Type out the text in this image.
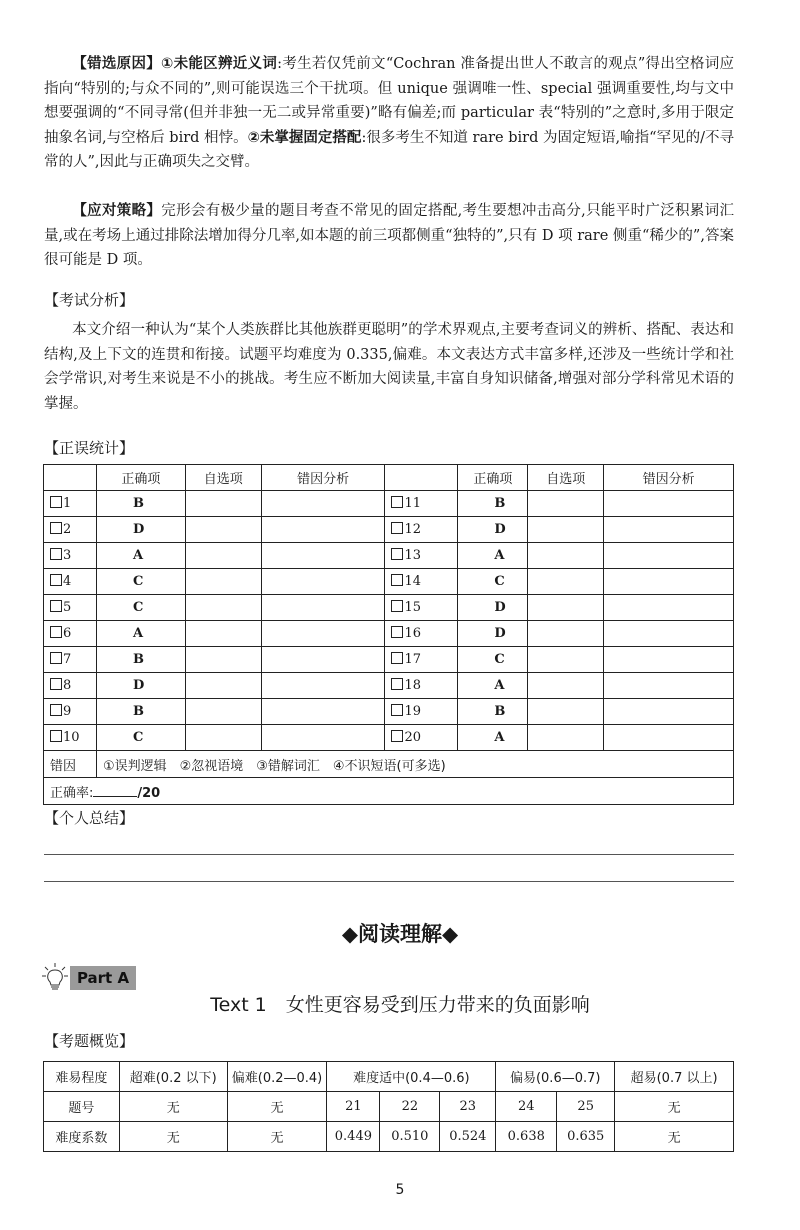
【错选原因】①未能区辨近义词:考生若仅凭前文“Cochran 准备提出世人不敢言的观点”得出空格词应指向“特别的;与众不同的”,则可能误选三个干扰项。但 unique 强调唯一性、special 强调重要性,均与文中想要强调的“不同寻常(但并非独一无二或异常重要)”略有偏差;而 particular 表“特别的”之意时,多用于限定抽象名词,与空格后 bird 相悖。②未掌握固定搭配:很多考生不知道 rare bird 为固定短语,喻指“罕见的/不寻常的人”,因此与正确项失之交臂。

【应对策略】完形会有极少量的题目考查不常见的固定搭配,考生要想冲击高分,只能平时广泛积累词汇量,或在考场上通过排除法增加得分几率,如本题的前三项都侧重“独特的”,只有 D 项 rare 侧重“稀少的”,答案很可能是 D 项。

【考试分析】

本文介绍一种认为“某个人类族群比其他族群更聪明”的学术界观点,主要考查词义的辨析、搭配、表达和结构,及上下文的连贯和衔接。试题平均难度为 0.335,偏难。本文表达方式丰富多样,还涉及一些统计学和社会学常识,对考生来说是不小的挑战。考生应不断加大阅读量,丰富自身知识储备,增强对部分学科常见术语的掌握。

【正误统计】
	正确项	自选项	错因分析		正确项	自选项	错因分析
1	B			11	B		
2	D			12	D		
3	A			13	A		
4	C			14	C		
5	C			15	D		
6	A			16	D		
7	B			17	C		
8	D			18	A		
9	B			19	B		
10	C			20	A		
错因	①误判逻辑　②忽视语境　③错解词汇　④不识短语(可多选)						
正确率: /20							
【个人总结】
◆阅读理解◆
Part A
Text 1　女性更容易受到压力带来的负面影响
【考题概览】
难易程度	超难(0.2 以下)	偏难(0.2—0.4)	难度适中(0.4—0.6)			偏易(0.6—0.7)		超易(0.7 以上)
题号	无	无	21	22	23	24	25	无
难度系数	无	无	0.449	0.510	0.524	0.638	0.635	无
5
